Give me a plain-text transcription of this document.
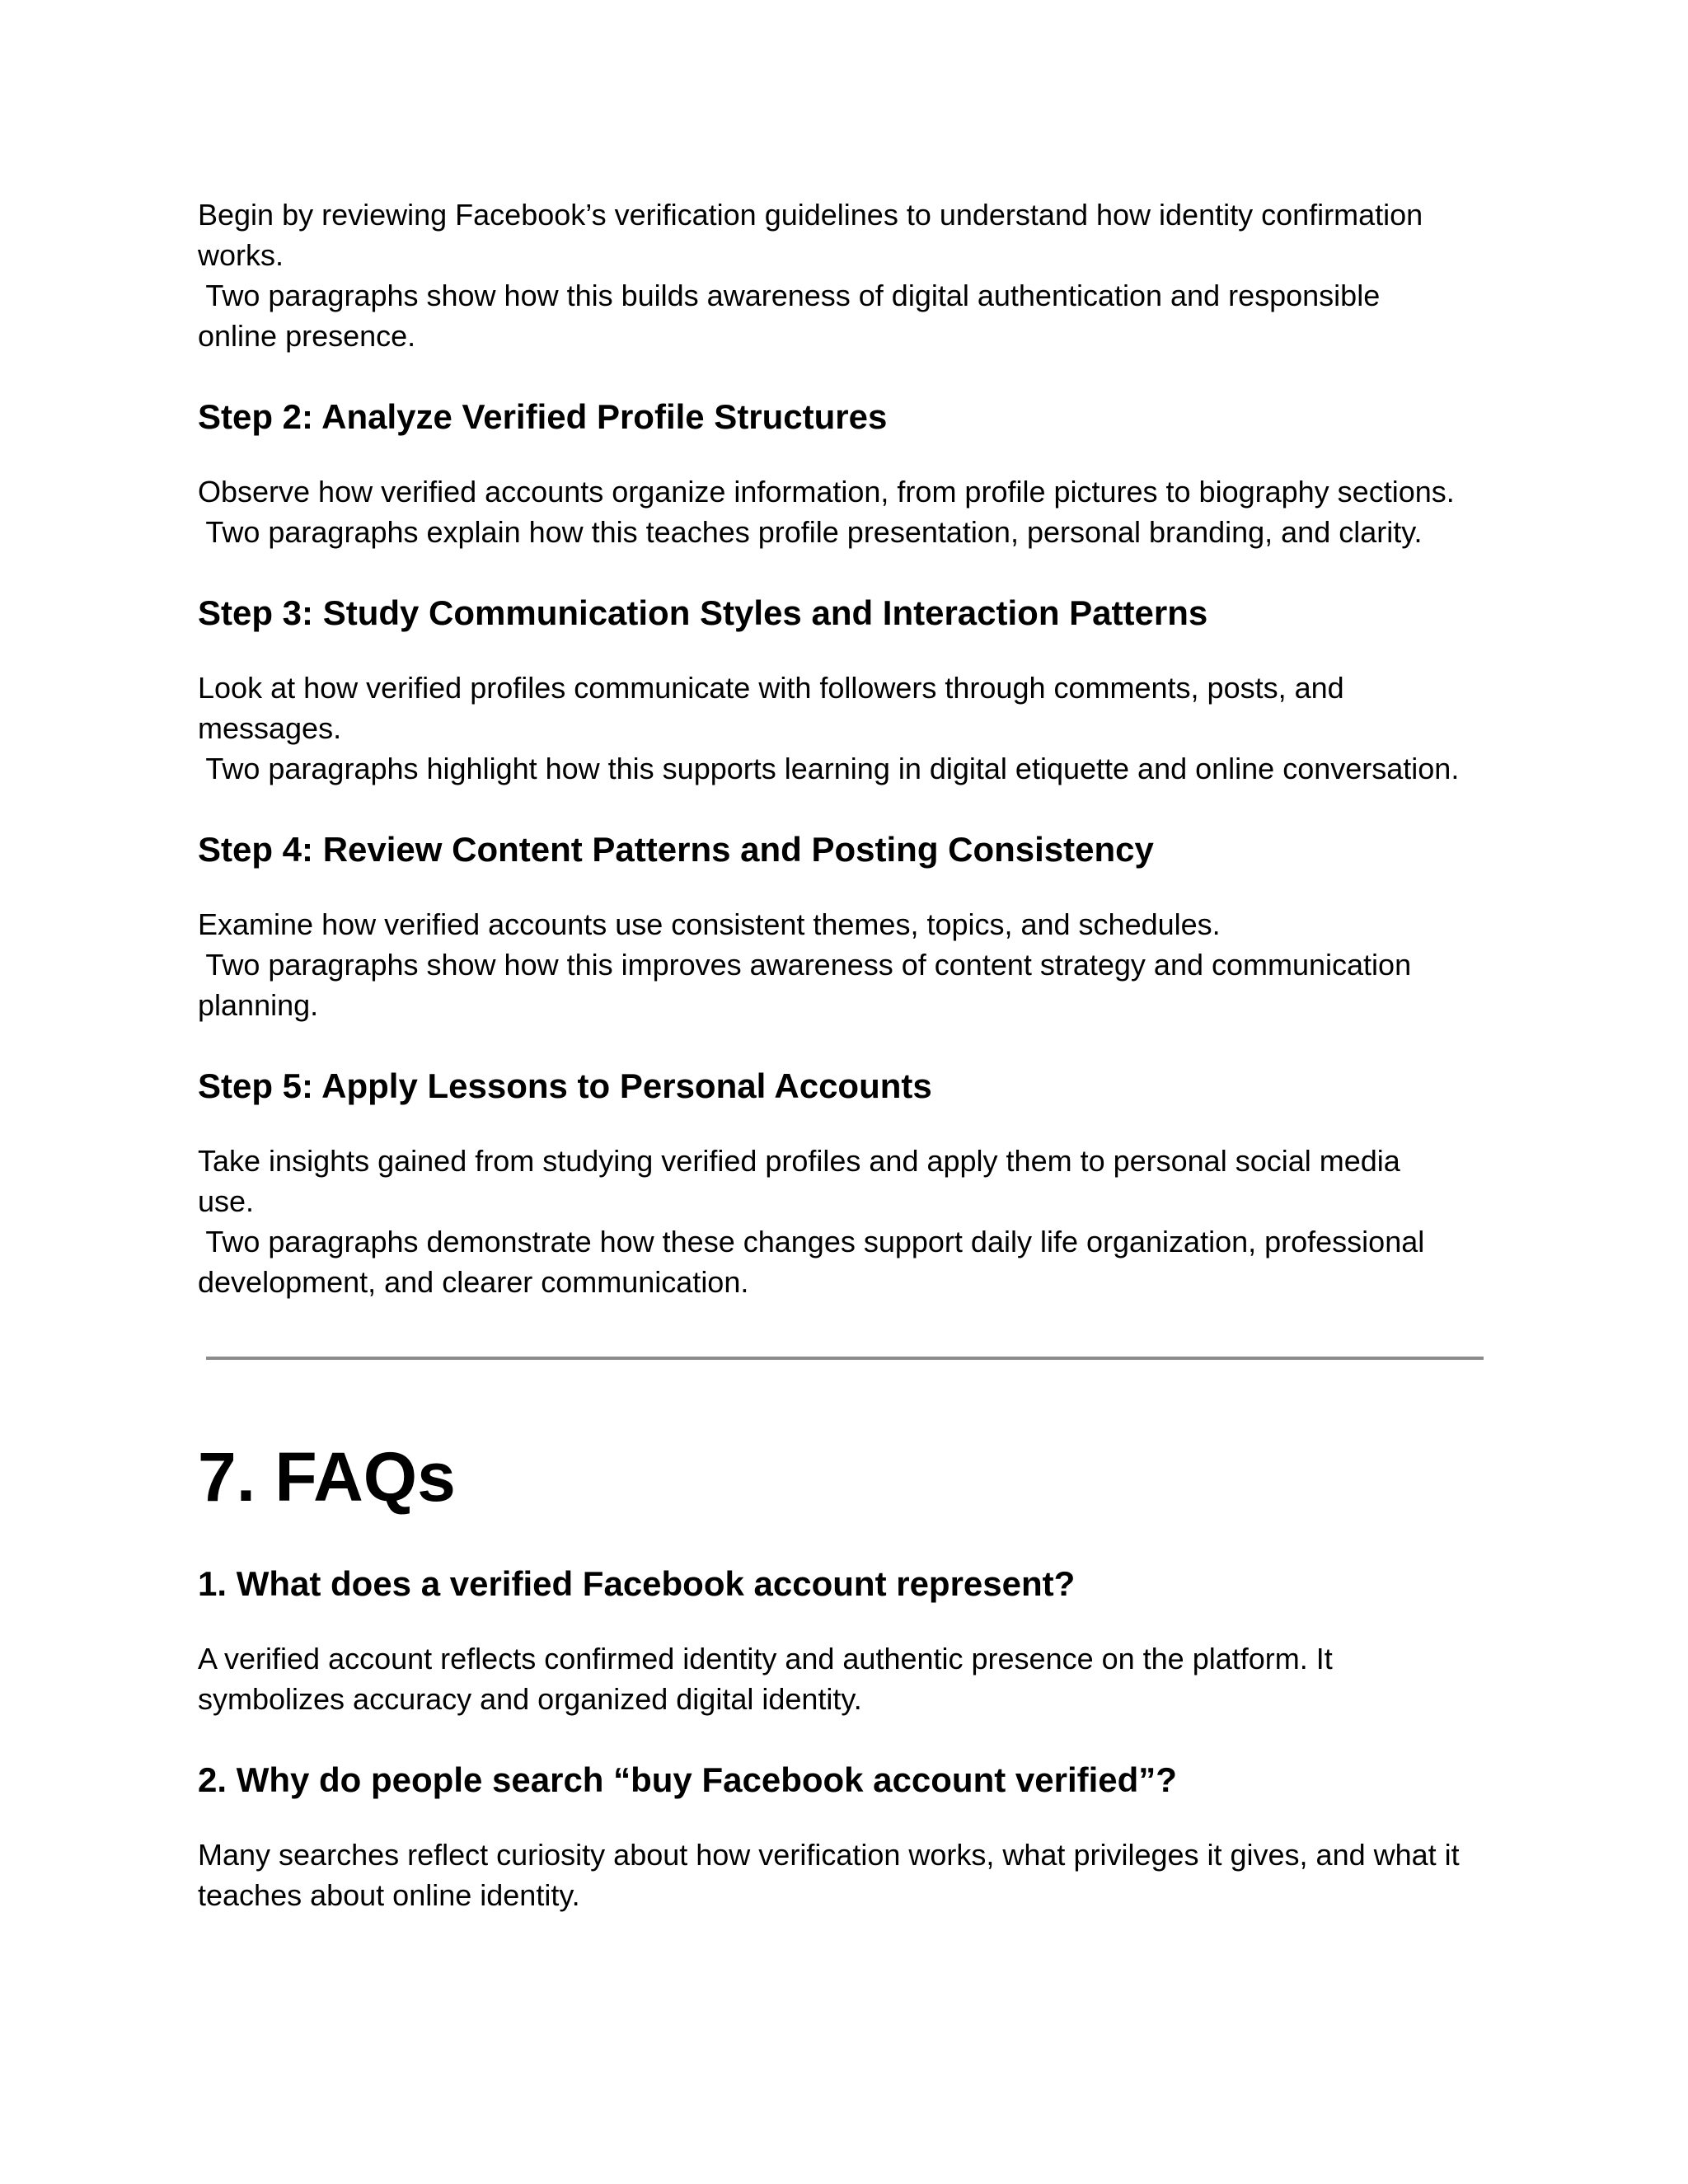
Begin by reviewing Facebook’s verification guidelines to understand how identity confirmation
works.
Two paragraphs show how this builds awareness of digital authentication and responsible
online presence.

Step 2: Analyze Verified Profile Structures

Observe how verified accounts organize information, from profile pictures to biography sections.
Two paragraphs explain how this teaches profile presentation, personal branding, and clarity.

Step 3: Study Communication Styles and Interaction Patterns

Look at how verified profiles communicate with followers through comments, posts, and
messages.
Two paragraphs highlight how this supports learning in digital etiquette and online conversation.

Step 4: Review Content Patterns and Posting Consistency

Examine how verified accounts use consistent themes, topics, and schedules.
Two paragraphs show how this improves awareness of content strategy and communication
planning.

Step 5: Apply Lessons to Personal Accounts

Take insights gained from studying verified profiles and apply them to personal social media
use.
Two paragraphs demonstrate how these changes support daily life organization, professional
development, and clearer communication.

7. FAQs
1. What does a verified Facebook account represent?

A verified account reflects confirmed identity and authentic presence on the platform. It
symbolizes accuracy and organized digital identity.

2. Why do people search “buy Facebook account verified”?

Many searches reflect curiosity about how verification works, what privileges it gives, and what it
teaches about online identity.
